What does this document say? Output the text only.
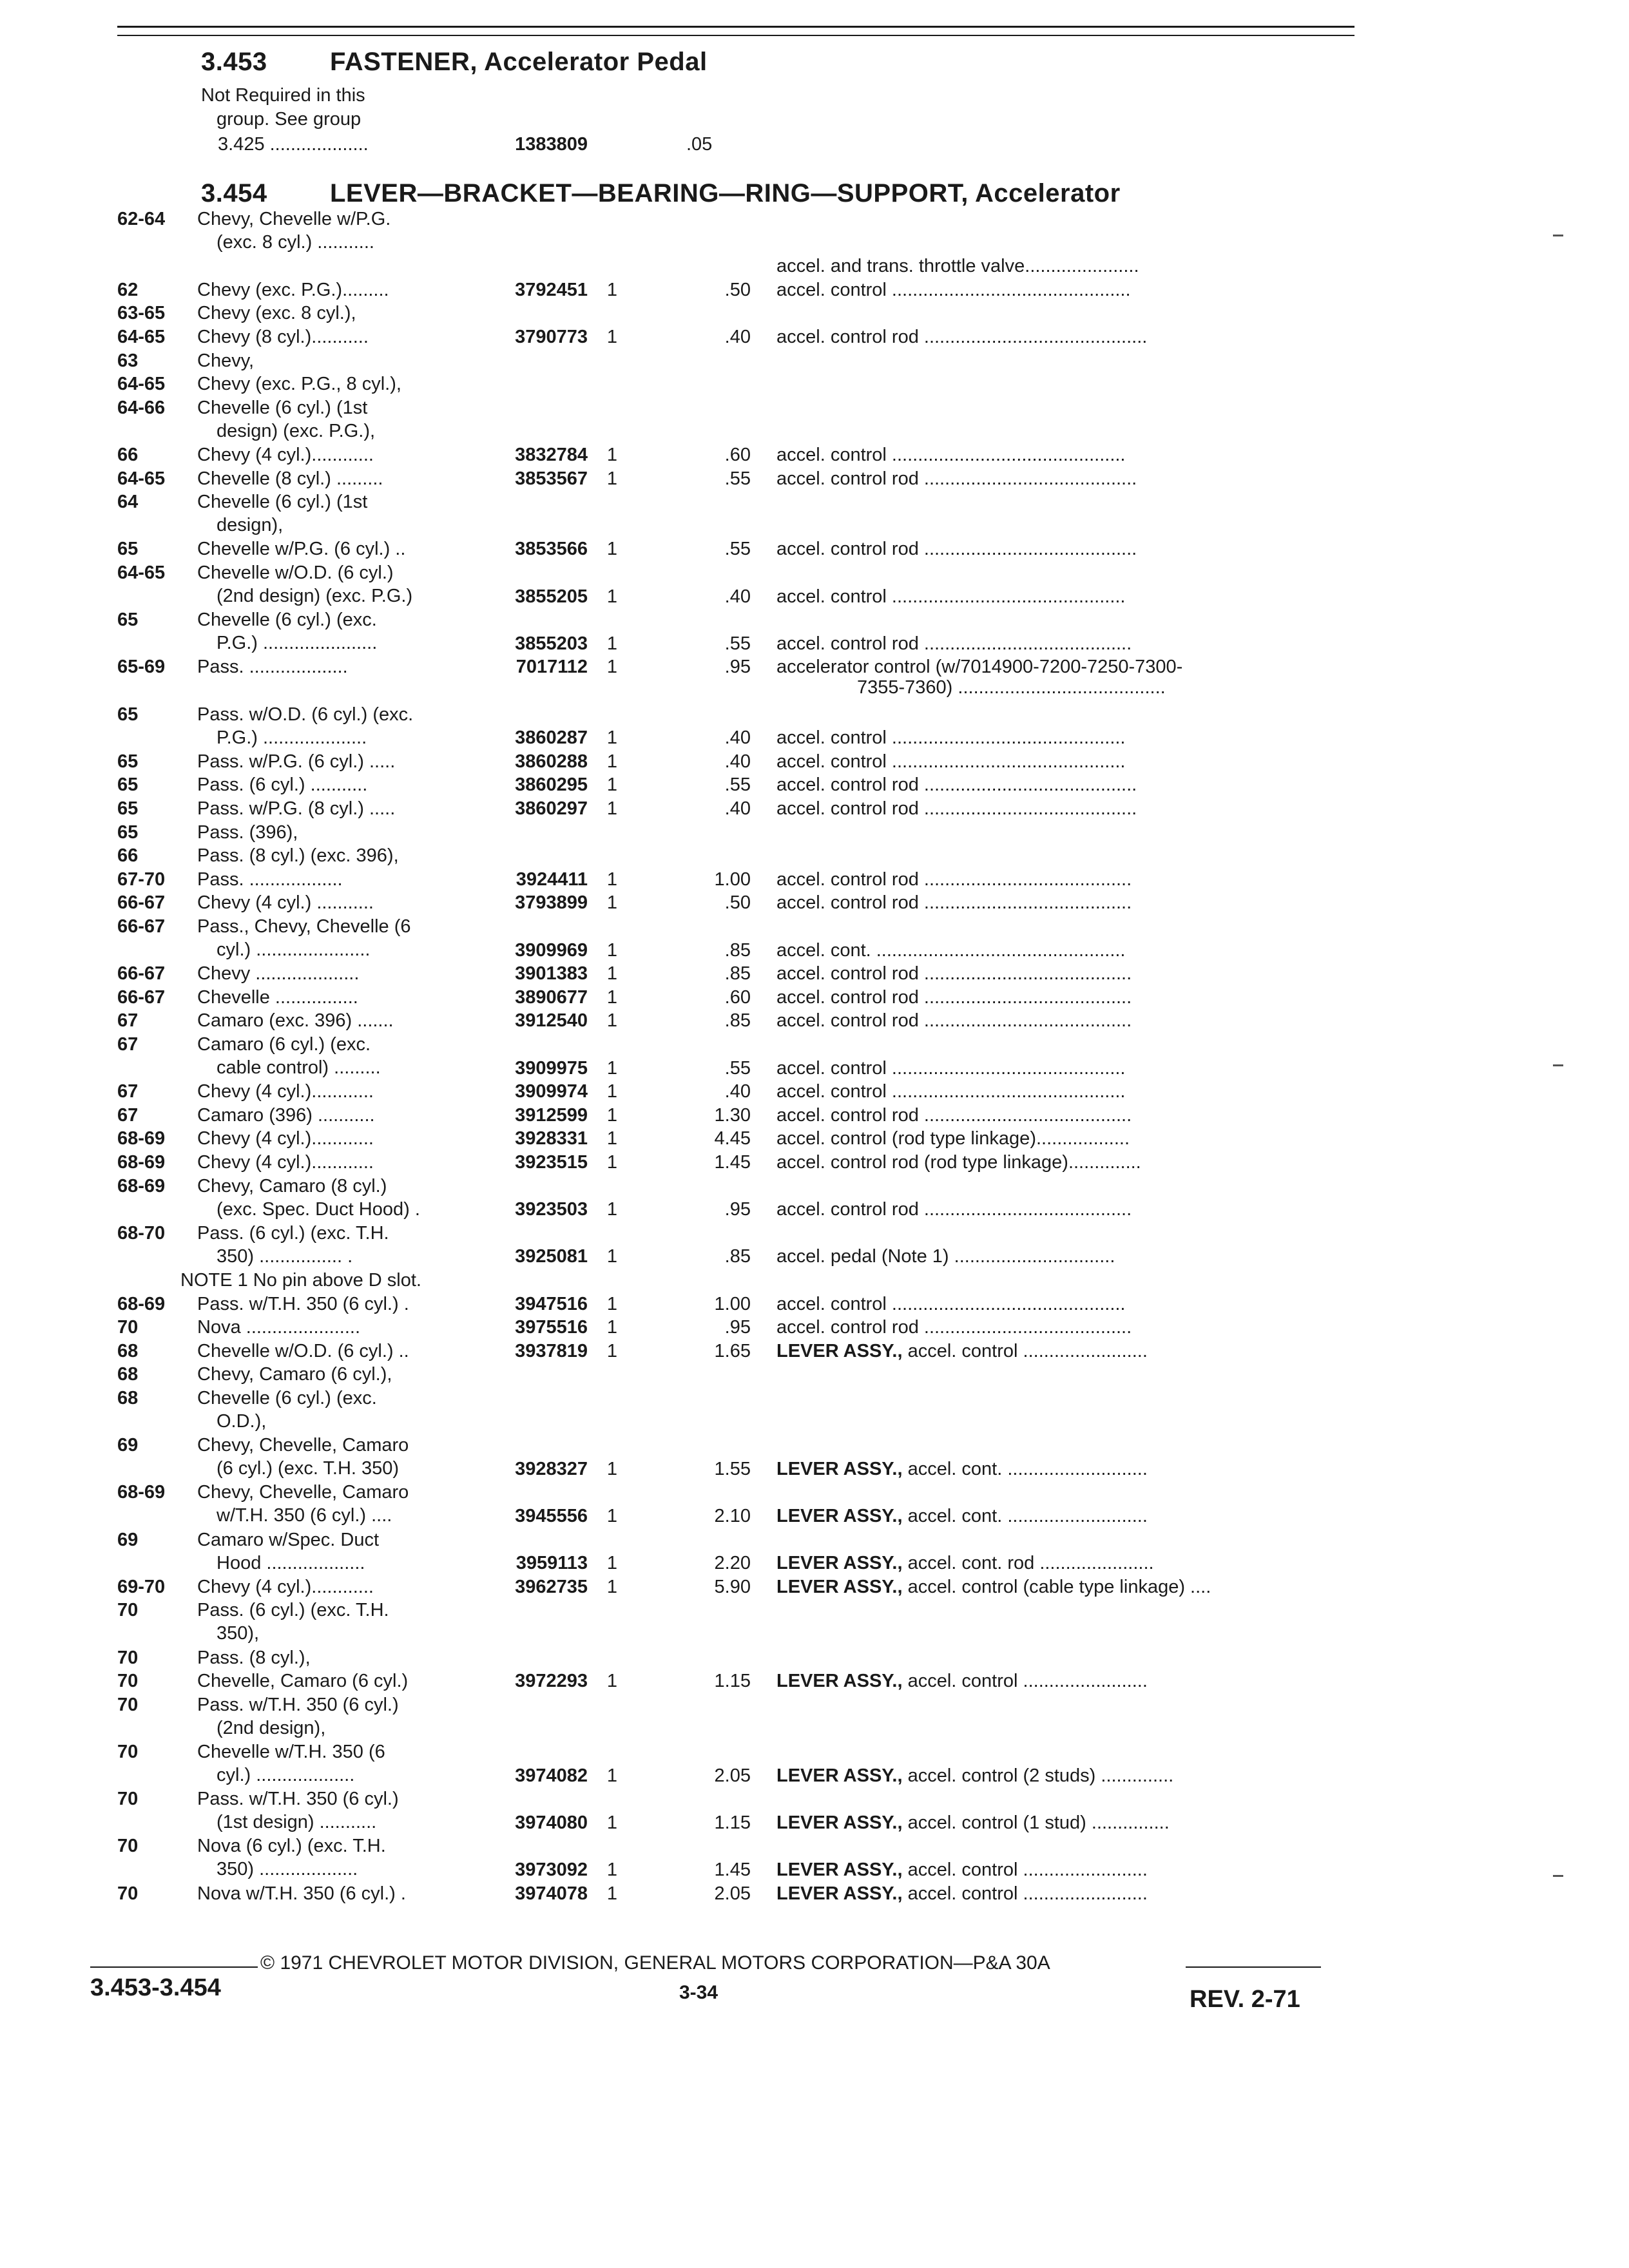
3.453 FASTENER, Accelerator Pedal
Not Required in this
group. See group
3.425 ...................	1383809	.05
3.454 LEVER—BRACKET—BEARING—RING—SUPPORT, Accelerator
62-64	Chevy, Chevelle w/P.G.
(exc. 8 cyl.) ...........
accel. and trans. throttle valve......................
62	Chevy (exc. P.G.).........	3792451 1	.50 accel. control ..............................................
63-65	Chevy (exc. 8 cyl.),
64-65	Chevy (8 cyl.)...........	3790773 1	.40 accel. control rod ...........................................
63	Chevy,
64-65	Chevy (exc. P.G., 8 cyl.),
64-66	Chevelle (6 cyl.) (1st
design) (exc. P.G.),
66	Chevy (4 cyl.)............	3832784 1	.60 accel. control .............................................
64-65	Chevelle (8 cyl.) .........	3853567 1	.55 accel. control rod .........................................
64	Chevelle (6 cyl.) (1st
design),
65	Chevelle w/P.G. (6 cyl.) ..	3853566 1	.55 accel. control rod .........................................
64-65	Chevelle w/O.D. (6 cyl.)
(2nd design) (exc. P.G.)	3855205 1	.40 accel. control .............................................
65	Chevelle (6 cyl.) (exc.
P.G.) ......................	3855203 1	.55 accel. control rod ........................................
65-69	Pass. ...................	7017112 1	.95 accelerator control (w/7014900-7200-7250-7300-
7355-7360) ........................................
65	Pass. w/O.D. (6 cyl.) (exc.
P.G.) ....................	3860287 1	.40 accel. control .............................................
65	Pass. w/P.G. (6 cyl.) .....	3860288 1	.40 accel. control .............................................
65	Pass. (6 cyl.) ...........	3860295 1	.55 accel. control rod .........................................
65	Pass. w/P.G. (8 cyl.) .....	3860297 1	.40 accel. control rod .........................................
65	Pass. (396),
66	Pass. (8 cyl.) (exc. 396),
67-70	Pass. ..................	3924411 1	1.00 accel. control rod ........................................
66-67	Chevy (4 cyl.) ...........	3793899 1	.50 accel. control rod ........................................
66-67	Pass., Chevy, Chevelle (6
cyl.) ......................	3909969 1	.85 accel. cont. ................................................
66-67	Chevy ....................	3901383 1	.85 accel. control rod ........................................
66-67	Chevelle ................	3890677 1	.60 accel. control rod ........................................
67	Camaro (exc. 396) .......	3912540 1	.85 accel. control rod ........................................
67	Camaro (6 cyl.) (exc.
cable control) .........	3909975 1	.55 accel. control .............................................
67	Chevy (4 cyl.)............	3909974 1	.40 accel. control .............................................
67	Camaro (396) ...........	3912599 1	1.30 accel. control rod ........................................
68-69	Chevy (4 cyl.)............	3928331 1	4.45 accel. control (rod type linkage)..................
68-69	Chevy (4 cyl.)............	3923515 1	1.45 accel. control rod (rod type linkage)..............
68-69	Chevy, Camaro (8 cyl.)
(exc. Spec. Duct Hood) .	3923503 1	.95 accel. control rod ........................................
68-70	Pass. (6 cyl.) (exc. T.H.
350) ................ .	3925081 1	.85 accel. pedal (Note 1) ...............................
NOTE 1 No pin above D slot.
68-69	Pass. w/T.H. 350 (6 cyl.) .	3947516 1	1.00 accel. control .............................................
70	Nova ......................	3975516 1	.95 accel. control rod ........................................
68	Chevelle w/O.D. (6 cyl.) ..	3937819 1	1.65 LEVER ASSY., accel. control ........................
68	Chevy, Camaro (6 cyl.),
68	Chevelle (6 cyl.) (exc.
O.D.),
69	Chevy, Chevelle, Camaro
(6 cyl.) (exc. T.H. 350)	3928327 1	1.55 LEVER ASSY., accel. cont. ...........................
68-69	Chevy, Chevelle, Camaro
w/T.H. 350 (6 cyl.) ....	3945556 1	2.10 LEVER ASSY., accel. cont. ...........................
69	Camaro w/Spec. Duct
Hood ...................	3959113 1	2.20 LEVER ASSY., accel. cont. rod ......................
69-70	Chevy (4 cyl.)............	3962735 1	5.90 LEVER ASSY., accel. control (cable type linkage) ....
70	Pass. (6 cyl.) (exc. T.H.
350),
70	Pass. (8 cyl.),
70	Chevelle, Camaro (6 cyl.)	3972293 1	1.15 LEVER ASSY., accel. control ........................
70	Pass. w/T.H. 350 (6 cyl.)
(2nd design),
70	Chevelle w/T.H. 350 (6
cyl.) ...................	3974082 1	2.05 LEVER ASSY., accel. control (2 studs) ..............
70	Pass. w/T.H. 350 (6 cyl.)
(1st design) ...........	3974080 1	1.15 LEVER ASSY., accel. control (1 stud) ...............
70	Nova (6 cyl.) (exc. T.H.
350) ...................	3973092 1	1.45 LEVER ASSY., accel. control ........................
70	Nova w/T.H. 350 (6 cyl.) .	3974078 1	2.05 LEVER ASSY., accel. control ........................
© 1971 CHEVROLET MOTOR DIVISION, GENERAL MOTORS CORPORATION—P&A 30A
3.453-3.454	3-34	REV. 2-71
